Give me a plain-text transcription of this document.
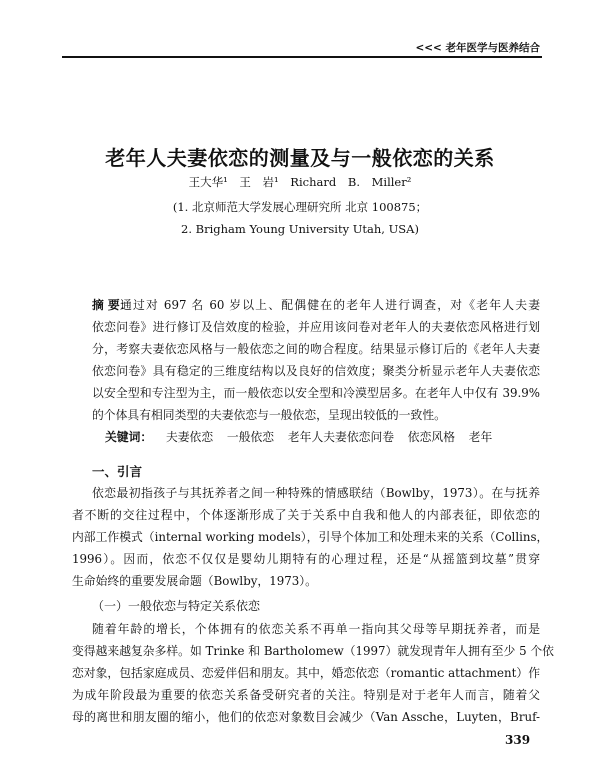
<<< 老年医学与医养结合
老年人夫妻依恋的测量及与一般依恋的关系
王大华¹ 王 岩¹ Richard B. Miller²
(1. 北京师范大学发展心理研究所 北京 100875；
2. Brigham Young University Utah, USA)
摘 要：
通过对 697 名 60 岁以上、配偶健在的老年人进行调查，对《老年人夫妻
依恋问卷》进行修订及信效度的检验，并应用该问卷对老年人的夫妻依恋风格进行划
分，考察夫妻依恋风格与一般依恋之间的吻合程度。结果显示修订后的《老年人夫妻
依恋问卷》具有稳定的三维度结构以及良好的信效度；聚类分析显示老年人夫妻依恋
以安全型和专注型为主，而一般依恋以安全型和冷漠型居多。在老年人中仅有 39.9%
的个体具有相同类型的夫妻依恋与一般依恋，呈现出较低的一致性。
关键词： 夫妻依恋 一般依恋 老年人夫妻依恋问卷 依恋风格 老年
一、引言
依恋最初指孩子与其抚养者之间一种特殊的情感联结（Bowlby，1973）。在与抚养
者不断的交往过程中，个体逐渐形成了关于关系中自我和他人的内部表征，即依恋的
内部工作模式（internal working models），引导个体加工和处理未来的关系（Collins，
1996）。因而，依恋不仅仅是婴幼儿期特有的心理过程，还是“从摇篮到坟墓”贯穿
生命始终的重要发展命题（Bowlby，1973）。
（一）一般依恋与特定关系依恋
随着年龄的增长，个体拥有的依恋关系不再单一指向其父母等早期抚养者，而是
变得越来越复杂多样。如 Trinke 和 Bartholomew（1997）就发现青年人拥有至少 5 个依
恋对象，包括家庭成员、恋爱伴侣和朋友。其中，婚恋依恋（romantic attachment）作
为成年阶段最为重要的依恋关系备受研究者的关注。特别是对于老年人而言，随着父
母的离世和朋友圈的缩小，他们的依恋对象数目会减少（Van Assche，Luyten，Bruf-
339
